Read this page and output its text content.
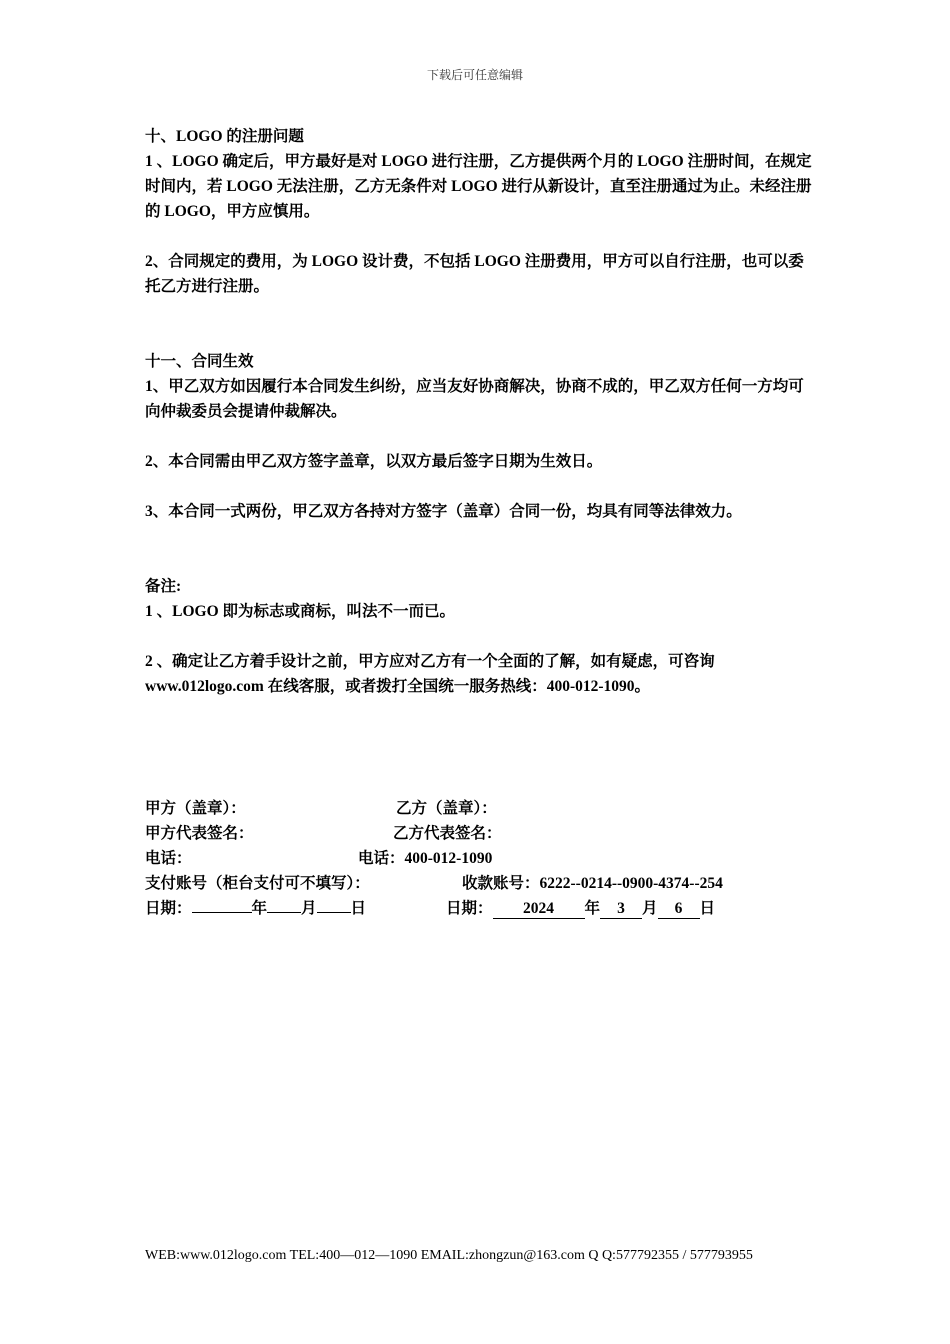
下载后可任意编辑

十、LOGO 的注册问题

1 、LOGO 确定后，甲方最好是对 LOGO 进行注册，乙方提供两个月的 LOGO 注册时间，在规定时间内，若 LOGO 无法注册，乙方无条件对 LOGO 进行从新设计，直至注册通过为止。未经注册的 LOGO，甲方应慎用。

2、合同规定的费用，为 LOGO 设计费，不包括 LOGO 注册费用，甲方可以自行注册，也可以委托乙方进行注册。

十一、合同生效

1、甲乙双方如因履行本合同发生纠纷，应当友好协商解决，协商不成的，甲乙双方任何一方均可向仲裁委员会提请仲裁解决。

2、本合同需由甲乙双方签字盖章，以双方最后签字日期为生效日。

3、本合同一式两份，甲乙双方各持对方签字（盖章）合同一份，均具有同等法律效力。

备注:

1 、LOGO 即为标志或商标，叫法不一而已。

2 、确定让乙方着手设计之前，甲方应对乙方有一个全面的了解，如有疑虑，可咨询 www.012logo.com 在线客服，或者拨打全国统一服务热线：400-012-1090。

甲方（盖章）：	乙方（盖章）：
甲方代表签名：	乙方代表签名：
电话：	电话：400-012-1090
支付账号（柜台支付可不填写）：	收款账号：6222--0214--0900-4374--254
日期：	年 月 日	日期： 2024 年 3 月 6 日
WEB:www.012logo.com TEL:400—012—1090 EMAIL:zhongzun@163.com Q Q:577792355 / 577793955
